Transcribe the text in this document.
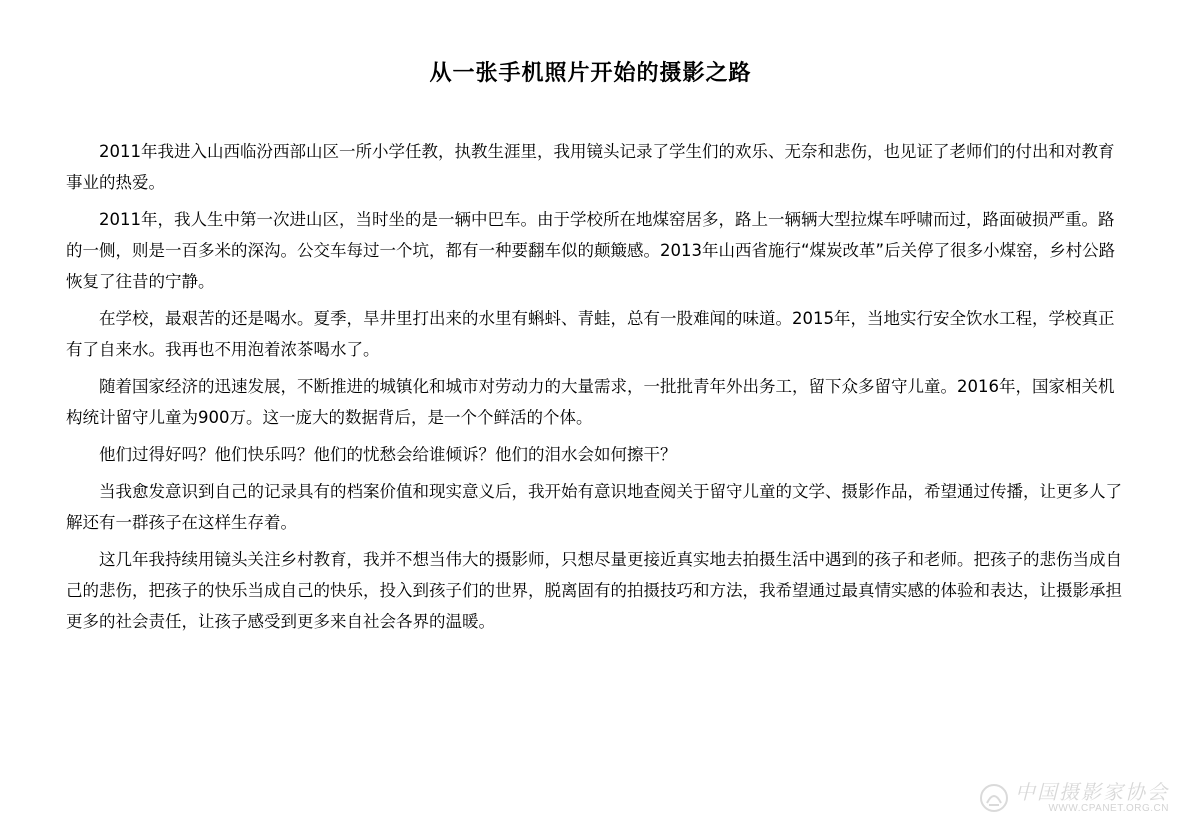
从一张手机照片开始的摄影之路

2011年我进入山西临汾西部山区一所小学任教，执教生涯里，我用镜头记录了学生们的欢乐、无奈和悲伤，也见证了老师们的付出和对教育事业的热爱。

2011年，我人生中第一次进山区，当时坐的是一辆中巴车。由于学校所在地煤窑居多，路上一辆辆大型拉煤车呼啸而过，路面破损严重。路的一侧，则是一百多米的深沟。公交车每过一个坑，都有一种要翻车似的颠簸感。2013年山西省施行“煤炭改革”后关停了很多小煤窑，乡村公路恢复了往昔的宁静。

在学校，最艰苦的还是喝水。夏季，旱井里打出来的水里有蝌蚪、青蛙，总有一股难闻的味道。2015年，当地实行安全饮水工程，学校真正有了自来水。我再也不用泡着浓茶喝水了。

随着国家经济的迅速发展，不断推进的城镇化和城市对劳动力的大量需求，一批批青年外出务工，留下众多留守儿童。2016年，国家相关机构统计留守儿童为900万。这一庞大的数据背后，是一个个鲜活的个体。

他们过得好吗？他们快乐吗？他们的忧愁会给谁倾诉？他们的泪水会如何擦干？

当我愈发意识到自己的记录具有的档案价值和现实意义后，我开始有意识地查阅关于留守儿童的文学、摄影作品，希望通过传播，让更多人了解还有一群孩子在这样生存着。

这几年我持续用镜头关注乡村教育，我并不想当伟大的摄影师，只想尽量更接近真实地去拍摄生活中遇到的孩子和老师。把孩子的悲伤当成自己的悲伤，把孩子的快乐当成自己的快乐，投入到孩子们的世界，脱离固有的拍摄技巧和方法，我希望通过最真情实感的体验和表达，让摄影承担更多的社会责任，让孩子感受到更多来自社会各界的温暖。

中国摄影家协会
WWW.CPANET.ORG.CN
